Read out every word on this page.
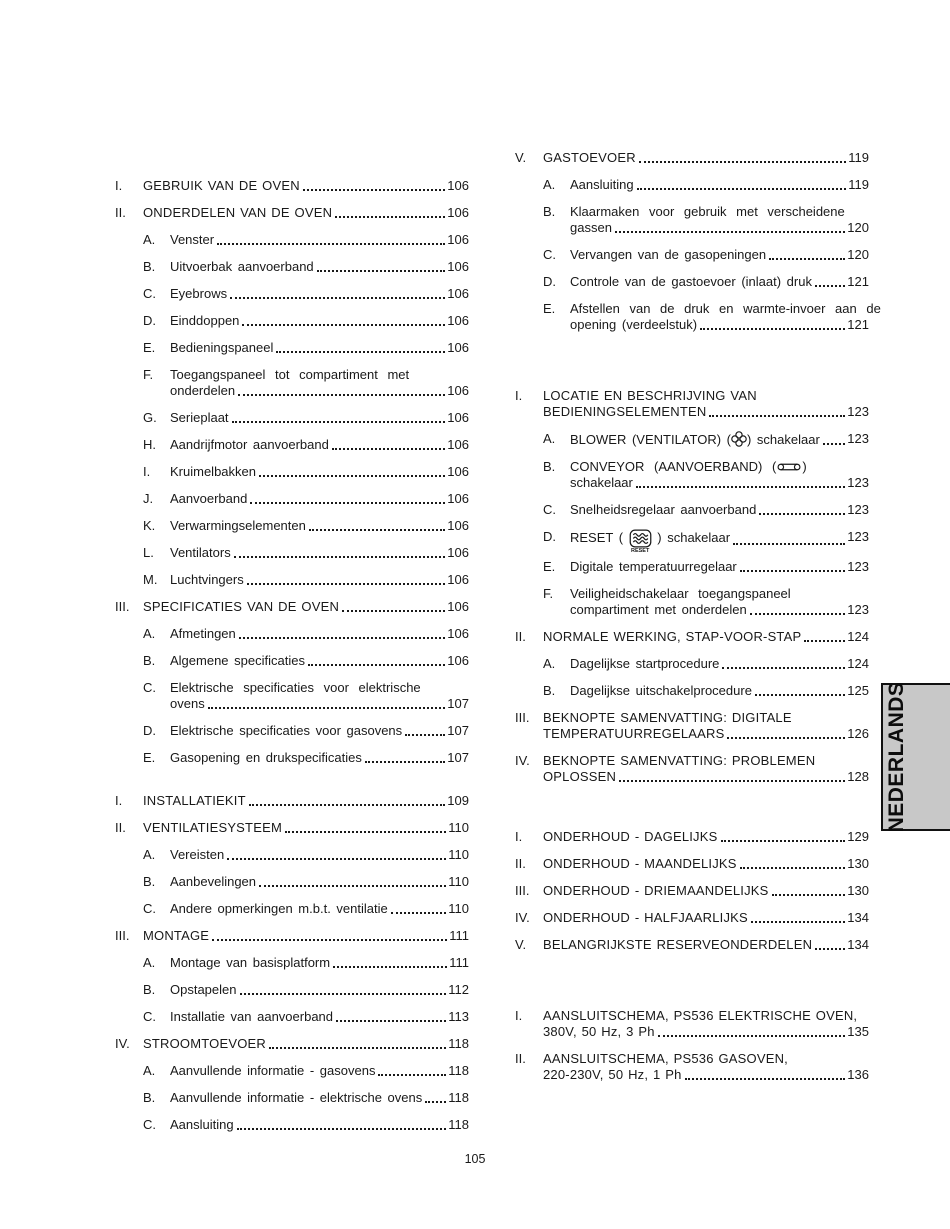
I.	GEBRUIK VAN DE OVEN	106
II.	ONDERDELEN VAN DE OVEN	106
A.	Venster	106
B.	Uitvoerbak aanvoerband	106
C.	Eyebrows	106
D.	Einddoppen	106
E.	Bedieningspaneel	106
F.	Toegangspaneel tot compartiment met
onderdelen	106
G.	Serieplaat	106
H.	Aandrijfmotor aanvoerband	106
I.	Kruimelbakken	106
J.	Aanvoerband	106
K.	Verwarmingselementen	106
L.	Ventilators	106
M. Luchtvingers	106
III.	SPECIFICATIES VAN DE OVEN	106
A.	Afmetingen	106
B.	Algemene specificaties	106
C.	Elektrische specificaties voor elektrische
ovens	107
D.	Elektrische specificaties voor gasovens	107
E.	Gasopening en drukspecificaties	107
I.	INSTALLATIEKIT	109
II.	VENTILATIESYSTEEM	110
A.	Vereisten	110
B.	Aanbevelingen	110
C.	Andere opmerkingen m.b.t. ventilatie	110
III.	MONTAGE	111
A.	Montage van basisplatform	111
B.	Opstapelen	112
C.	Installatie van aanvoerband	113
IV.	STROOMTOEVOER	118
A.	Aanvullende informatie - gasovens	118
B.	Aanvullende informatie - elektrische ovens 118
C.	Aansluiting	118
V.	GASTOEVOER	119
A.	Aansluiting	119
B.	Klaarmaken voor gebruik met verscheidene
gassen	120
C.	Vervangen van de gasopeningen	120
D.	Controle van de gastoevoer (inlaat) druk	121
E.	Afstellen van de druk en warmte-invoer aan de
opening (verdeelstuk)	121
I.	LOCATIE EN BESCHRIJVING VAN
BEDIENINGSELEMENTEN	123
A.	BLOWER (VENTILATOR) ( ) schakelaar 123
B.	CONVEYOR (AANVOERBAND) ( )
schakelaar	123
C.	Snelheidsregelaar aanvoerband	123
D.	RESET (
RESET
) schakelaar	123
E.	Digitale temperatuurregelaar	123
F.	Veiligheidschakelaar toegangspaneel
compartiment met onderdelen	123
II.	NORMALE WERKING, STAP-VOOR-STAP	124
A.	Dagelijkse startprocedure	124
B.	Dagelijkse uitschakelprocedure	125
III.	BEKNOPTE SAMENVATTING: DIGITALE
TEMPERATUURREGELAARS	126
IV.	BEKNOPTE SAMENVATTING: PROBLEMEN
OPLOSSEN	128
I.	ONDERHOUD - DAGELIJKS	129
II.	ONDERHOUD - MAANDELIJKS	130
III.	ONDERHOUD - DRIEMAANDELIJKS	130
IV.	ONDERHOUD - HALFJAARLIJKS	134
V.	BELANGRIJKSTE RESERVEONDERDELEN	134
I.	AANSLUITSCHEMA, PS536 ELEKTRISCHE OVEN,
380V, 50 Hz, 3 Ph	135
II.	AANSLUITSCHEMA, PS536 GASOVEN,
220-230V, 50 Hz, 1 Ph	136
NEDERLANDS
105
